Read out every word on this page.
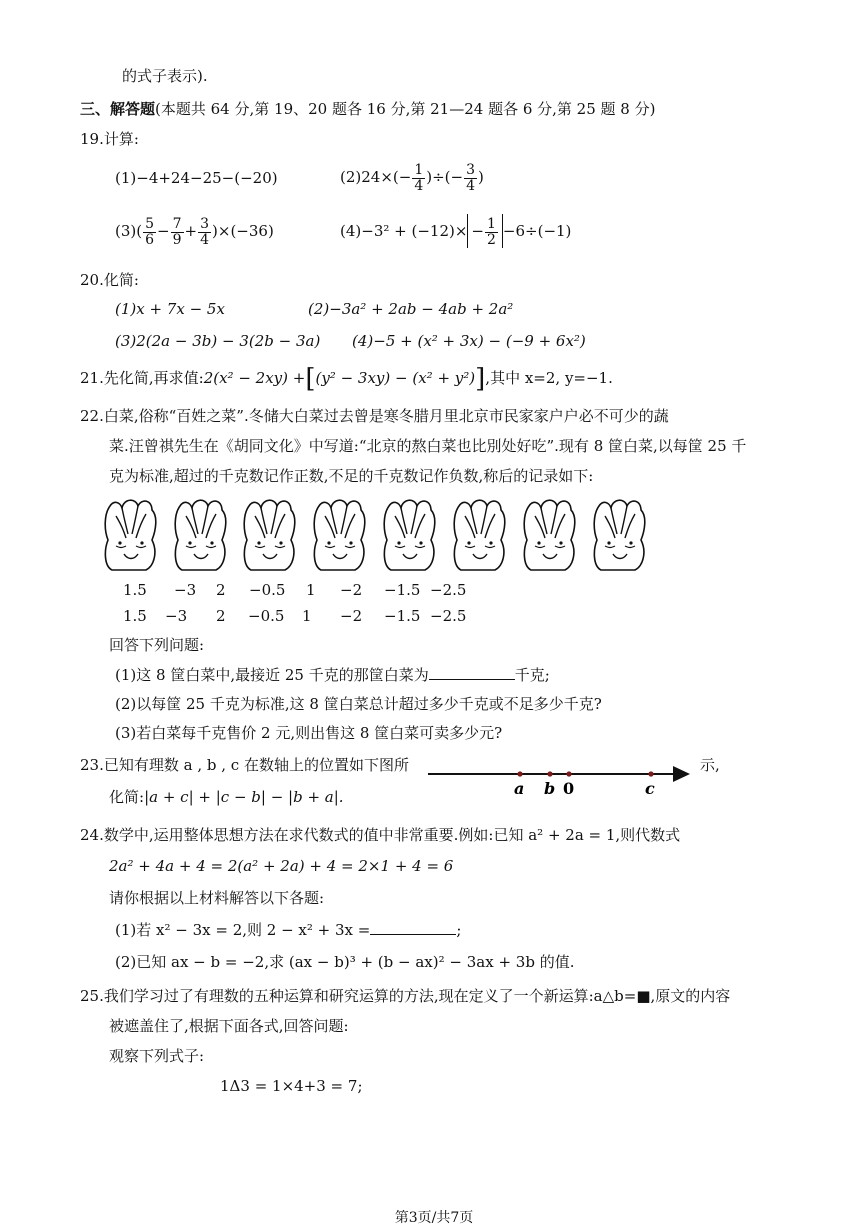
的式子表示).
三、解答题(本题共 64 分,第 19、20 题各 16 分,第 21—24 题各 6 分,第 25 题 8 分)
19.计算:
(1)−4+24−25−(−20)	$(2)24\times(- \frac{1}{4}$ )÷(− $\frac{3}{4}$ )
$(3)( \frac{5}{6} - \frac{7}{9} + \frac{3}{4} )\times(-36)$	$(4)-3^2 + (-12)\times - \frac{1}{2} -6\div(-1)$
20.化简:
(1)x + 7x − 5x	(2)−3a² + 2ab − 4ab + 2a²
(3)2(2a − 3b) − 3(2b − 3a) (4)−5 + (x² + 3x) − (−9 + 6x²)
21.先化简,再求值:2(x² − 2xy) +[(y² − 3xy) − (x² + y²)],其中 x=2, y=−1.
22.白菜,俗称“百姓之菜”.冬储大白菜过去曾是寒冬腊月里北京市民家家户户必不可少的蔬
菜.汪曾祺先生在《胡同文化》中写道:“北京的熬白菜也比別处好吃”.现有 8 筐白菜,以每筐 25 千
克为标准,超过的千克数记作正数,不足的千克数记作负数,称后的记录如下:
1.5 −3 2 −0.5 1 −2 −1.5 −2.5
1.5 −3 2 −0.5 1 −2 −1.5 −2.5
回答下列问题:
(1)这 8 筐白菜中,最接近 25 千克的那筐白菜为	千克;
(2)以每筐 25 千克为标准,这 8 筐白菜总计超过多少千克或不足多少千克?
(3)若白菜每千克售价 2 元,则出售这 8 筐白菜可卖多少元?
23.已知有理数 a , b , c 在数轴上的位置如下图所
a b 0	c
示,
化简:|a + c| + |c − b| − |b + a|.
24.数学中,运用整体思想方法在求代数式的值中非常重要.例如:已知 a² + 2a = 1,则代数式
2a² + 4a + 4 = 2(a² + 2a) + 4 = 2×1 + 4 = 6
请你根据以上材料解答以下各题:
(1)若 x² − 3x = 2,则 2 − x² + 3x =	;
(2)已知 ax − b = −2,求 (ax − b)³ + (b − ax)² − 3ax + 3b 的值.
25.我们学习过了有理数的五种运算和研究运算的方法,现在定义了一个新运算:a△b=■,原文的内容
被遮盖住了,根据下面各式,回答问题:
观察下列式子:
1Δ3 = 1×4+3 = 7;
第3页/共7页
